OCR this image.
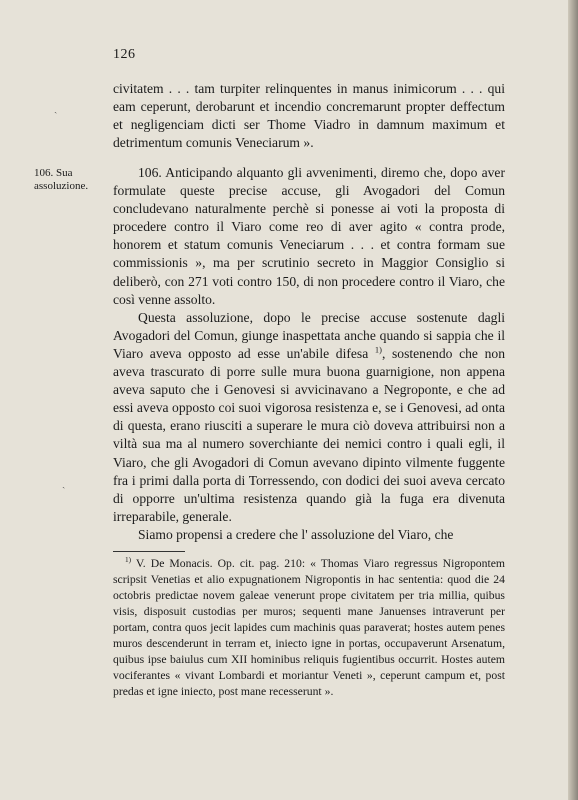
126

civitatem . . . tam turpiter relinquentes in manus inimicorum . . . qui eam ceperunt, derobarunt et incendio concremarunt propter deffectum et negligenciam dicti ser Thome Viadro in damnum maximum et detrimentum comunis Veneciarum ».

106. Sua assoluzione.

106. Anticipando alquanto gli avvenimenti, diremo che, dopo aver formulate queste precise accuse, gli Avogadori del Comun concludevano naturalmente perchè si ponesse ai voti la proposta di procedere contro il Viaro come reo di aver agito « contra prode, honorem et statum comunis Veneciarum . . . et contra formam sue commissionis », ma per scrutinio secreto in Maggior Consiglio si deliberò, con 271 voti contro 150, di non procedere contro il Viaro, che così venne assolto.

Questa assoluzione, dopo le precise accuse sostenute dagli Avogadori del Comun, giunge inaspettata anche quando si sappia che il Viaro aveva opposto ad esse un'abile difesa $^{1)}$, sostenendo che non aveva trascurato di porre sulle mura buona guarnigione, non appena aveva saputo che i Genovesi si avvicinavano a Negroponte, e che ad essi aveva opposto coi suoi vigorosa resistenza e, se i Genovesi, ad onta di questa, erano riusciti a superare le mura ciò doveva attribuirsi non a viltà sua ma al numero soverchiante dei nemici contro i quali egli, il Viaro, che gli Avogadori di Comun avevano dipinto vilmente fuggente fra i primi dalla porta di Torressendo, con dodici dei suoi aveva cercato di opporre un'ultima resistenza quando già la fuga era divenuta irreparabile, generale.

Siamo propensi a credere che l' assoluzione del Viaro, che

$^{1)}$ V. De Monacis. Op. cit. pag. 210: « Thomas Viaro regressus Nigropontem scripsit Venetias et alio expugnationem Nigropontis in hac sententia: quod die 24 octobris predictae novem galeae venerunt prope civitatem per tria millia, quibus visis, disposuit custodias per muros; sequenti mane Januenses intraverunt per portam, contra quos jecit lapides cum machinis quas paraverat; hostes autem penes muros descenderunt in terram et, iniecto igne in portas, occupaverunt Arsenatum, quibus ipse baiulus cum XII hominibus reliquis fugientibus occurrit. Hostes autem vociferantes « vivant Lombardi et moriantur Veneti », ceperunt campum et, post predas et igne iniecto, post mane recesserunt ».

ˎ
ˎ
